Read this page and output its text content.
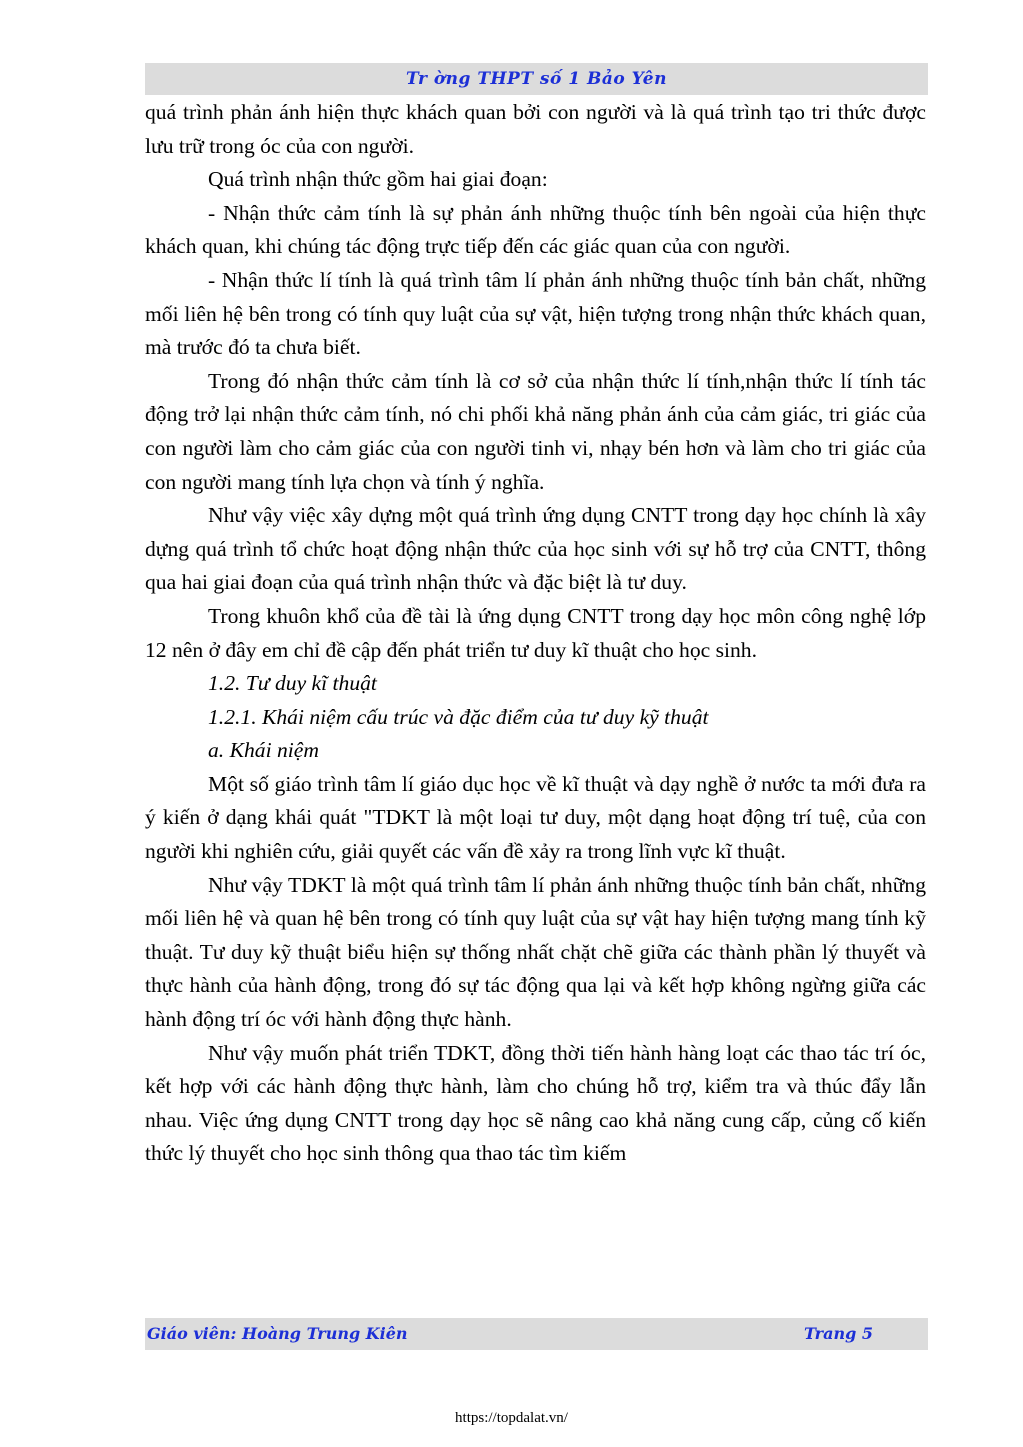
Tr ờng THPT số 1 Bảo Yên

quá trình phản ánh hiện thực khách quan bởi con người và là quá trình tạo tri thức được lưu trữ trong óc của con người.

Quá trình nhận thức gồm hai giai đoạn:

- Nhận thức cảm tính là sự phản ánh những thuộc tính bên ngoài của hiện thực khách quan, khi chúng tác động trực tiếp đến các giác quan của con người.

- Nhận thức lí tính là quá trình tâm lí phản ánh những thuộc tính bản chất, những mối liên hệ bên trong có tính quy luật của sự vật, hiện tượng trong nhận thức khách quan, mà trước đó ta chưa biết.

Trong đó nhận thức cảm tính là cơ sở của nhận thức lí tính,nhận thức lí tính tác động trở lại nhận thức cảm tính, nó chi phối khả năng phản ánh của cảm giác, tri giác của con người làm cho cảm giác của con người tinh vi, nhạy bén hơn và làm cho tri giác của con người mang tính lựa chọn và tính ý nghĩa.

Như vậy việc xây dựng một quá trình ứng dụng CNTT trong dạy học chính là xây dựng quá trình tổ chức hoạt động nhận thức của học sinh với sự hỗ trợ của CNTT, thông qua hai giai đoạn của quá trình nhận thức và đặc biệt là tư duy.

Trong khuôn khổ của đề tài là ứng dụng CNTT trong dạy học môn công nghệ lớp 12 nên ở đây em chỉ đề cập đến phát triển tư duy kĩ thuật cho học sinh.

1.2. Tư duy kĩ thuật

1.2.1. Khái niệm cấu trúc và đặc điểm của tư duy kỹ thuật

a. Khái niệm

Một số giáo trình tâm lí giáo dục học về kĩ thuật và dạy nghề ở nước ta mới đưa ra ý kiến ở dạng khái quát "TDKT là một loại tư duy, một dạng hoạt động trí tuệ, của con người khi nghiên cứu, giải quyết các vấn đề xảy ra trong lĩnh vực kĩ thuật.

Như vậy TDKT là một quá trình tâm lí phản ánh những thuộc tính bản chất, những mối liên hệ và quan hệ bên trong có tính quy luật của sự vật hay hiện tượng mang tính kỹ thuật. Tư duy kỹ thuật biểu hiện sự thống nhất chặt chẽ giữa các thành phần lý thuyết và thực hành của hành động, trong đó sự tác động qua lại và kết hợp không ngừng giữa các hành động trí óc với hành động thực hành.

Như vậy muốn phát triển TDKT, đồng thời tiến hành hàng loạt các thao tác trí óc, kết hợp với các hành động thực hành, làm cho chúng hỗ trợ, kiểm tra và thúc đẩy lẫn nhau. Việc ứng dụng CNTT trong dạy học sẽ nâng cao khả năng cung cấp, củng cố kiến thức lý thuyết cho học sinh thông qua thao tác tìm kiếm

Giáo viên: Hoàng Trung Kiên	Trang 5
https://topdalat.vn/
